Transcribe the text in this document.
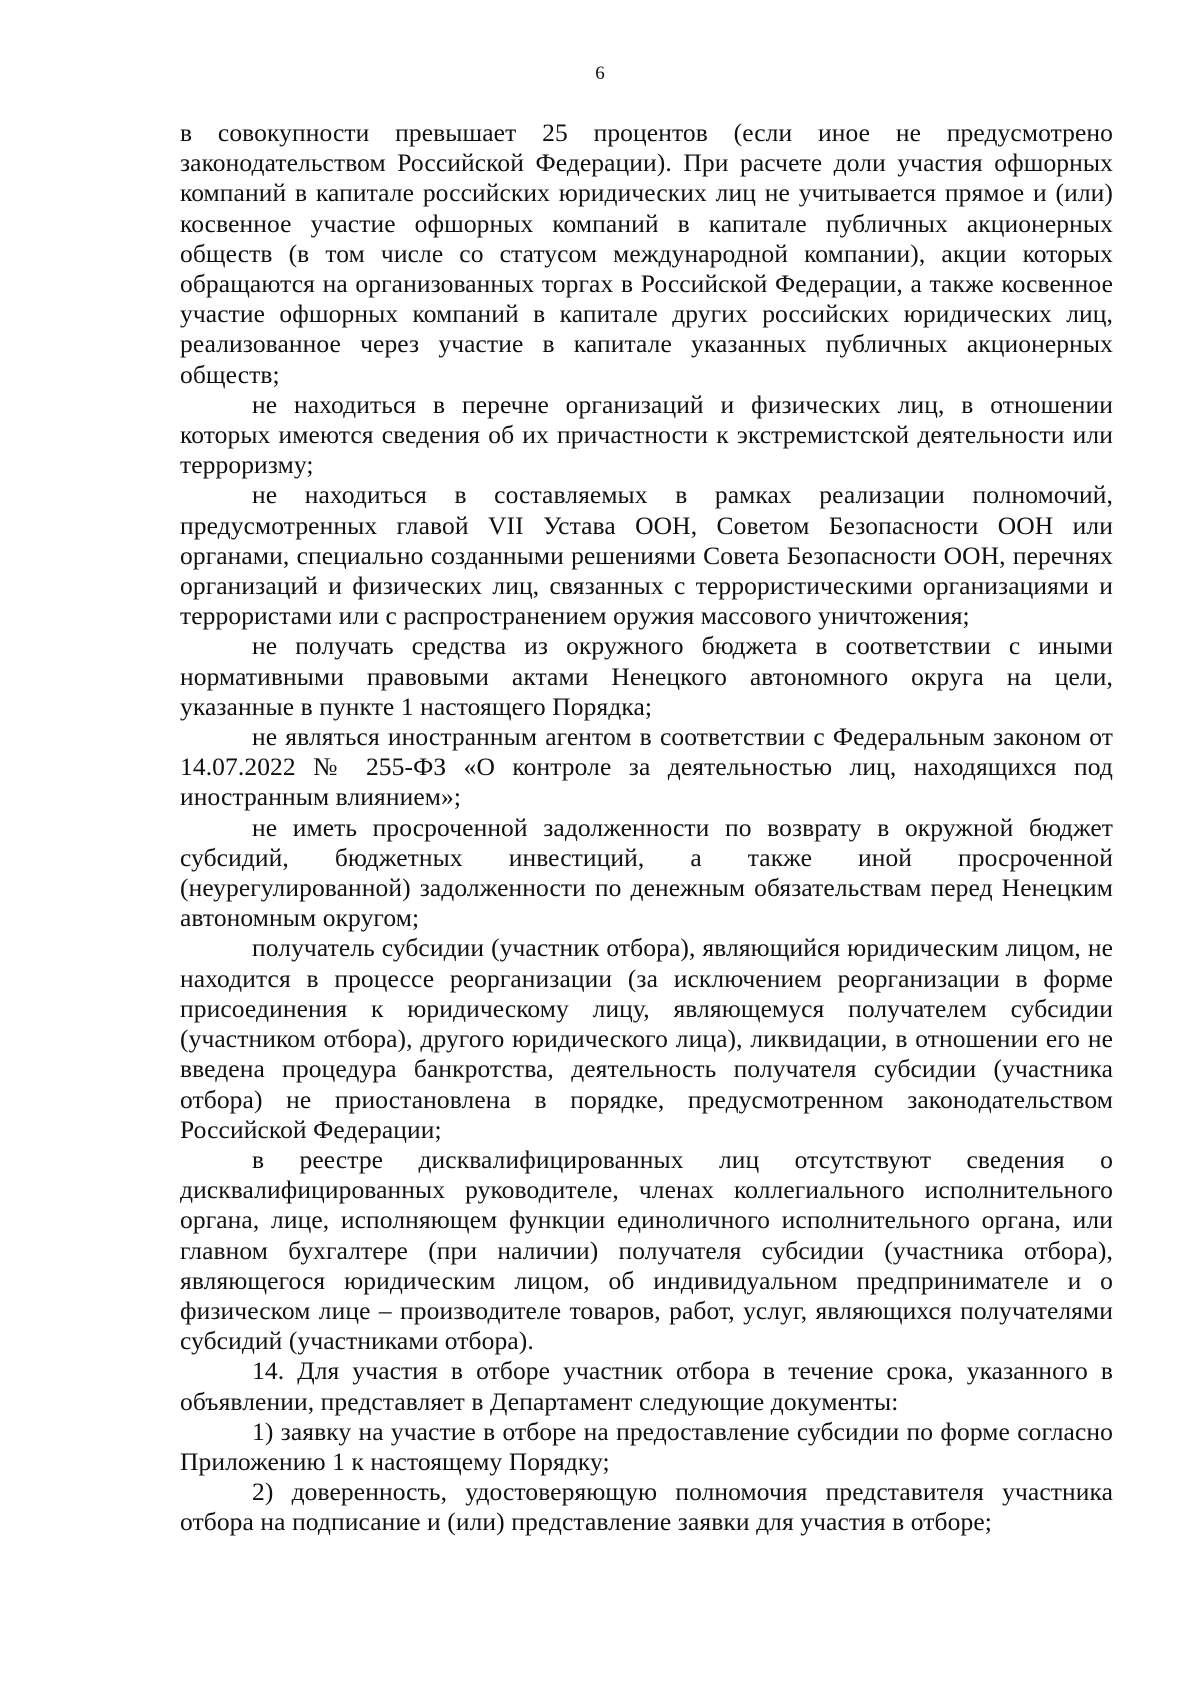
6

в совокупности превышает 25 процентов (если иное не предусмотрено законодательством Российской Федерации). При расчете доли участия офшорных компаний в капитале российских юридических лиц не учитывается прямое и (или) косвенное участие офшорных компаний в капитале публичных акционерных обществ (в том числе со статусом международной компании), акции которых обращаются на организованных торгах в Российской Федерации, а также косвенное участие офшорных компаний в капитале других российских юридических лиц, реализованное через участие в капитале указанных публичных акционерных обществ;

не находиться в перечне организаций и физических лиц, в отношении которых имеются сведения об их причастности к экстремистской деятельности или терроризму;

не находиться в составляемых в рамках реализации полномочий, предусмотренных главой VII Устава ООН, Советом Безопасности ООН или органами, специально созданными решениями Совета Безопасности ООН, перечнях организаций и физических лиц, связанных с террористическими организациями и террористами или с распространением оружия массового уничтожения;

не получать средства из окружного бюджета в соответствии с иными нормативными правовыми актами Ненецкого автономного округа на цели, указанные в пункте 1 настоящего Порядка;

не являться иностранным агентом в соответствии с Федеральным законом от 14.07.2022 № 255-ФЗ «О контроле за деятельностью лиц, находящихся под иностранным влиянием»;

не иметь просроченной задолженности по возврату в окружной бюджет субсидий, бюджетных инвестиций, а также иной просроченной (неурегулированной) задолженности по денежным обязательствам перед Ненецким автономным округом;

получатель субсидии (участник отбора), являющийся юридическим лицом, не находится в процессе реорганизации (за исключением реорганизации в форме присоединения к юридическому лицу, являющемуся получателем субсидии (участником отбора), другого юридического лица), ликвидации, в отношении его не введена процедура банкротства, деятельность получателя субсидии (участника отбора) не приостановлена в порядке, предусмотренном законодательством Российской Федерации;

в реестре дисквалифицированных лиц отсутствуют сведения о дисквалифицированных руководителе, членах коллегиального исполнительного органа, лице, исполняющем функции единоличного исполнительного органа, или главном бухгалтере (при наличии) получателя субсидии (участника отбора), являющегося юридическим лицом, об индивидуальном предпринимателе и о физическом лице – производителе товаров, работ, услуг, являющихся получателями субсидий (участниками отбора).

14. Для участия в отборе участник отбора в течение срока, указанного в объявлении, представляет в Департамент следующие документы:

1) заявку на участие в отборе на предоставление субсидии по форме согласно Приложению 1 к настоящему Порядку;

2) доверенность, удостоверяющую полномочия представителя участника отбора на подписание и (или) представление заявки для участия в отборе;
